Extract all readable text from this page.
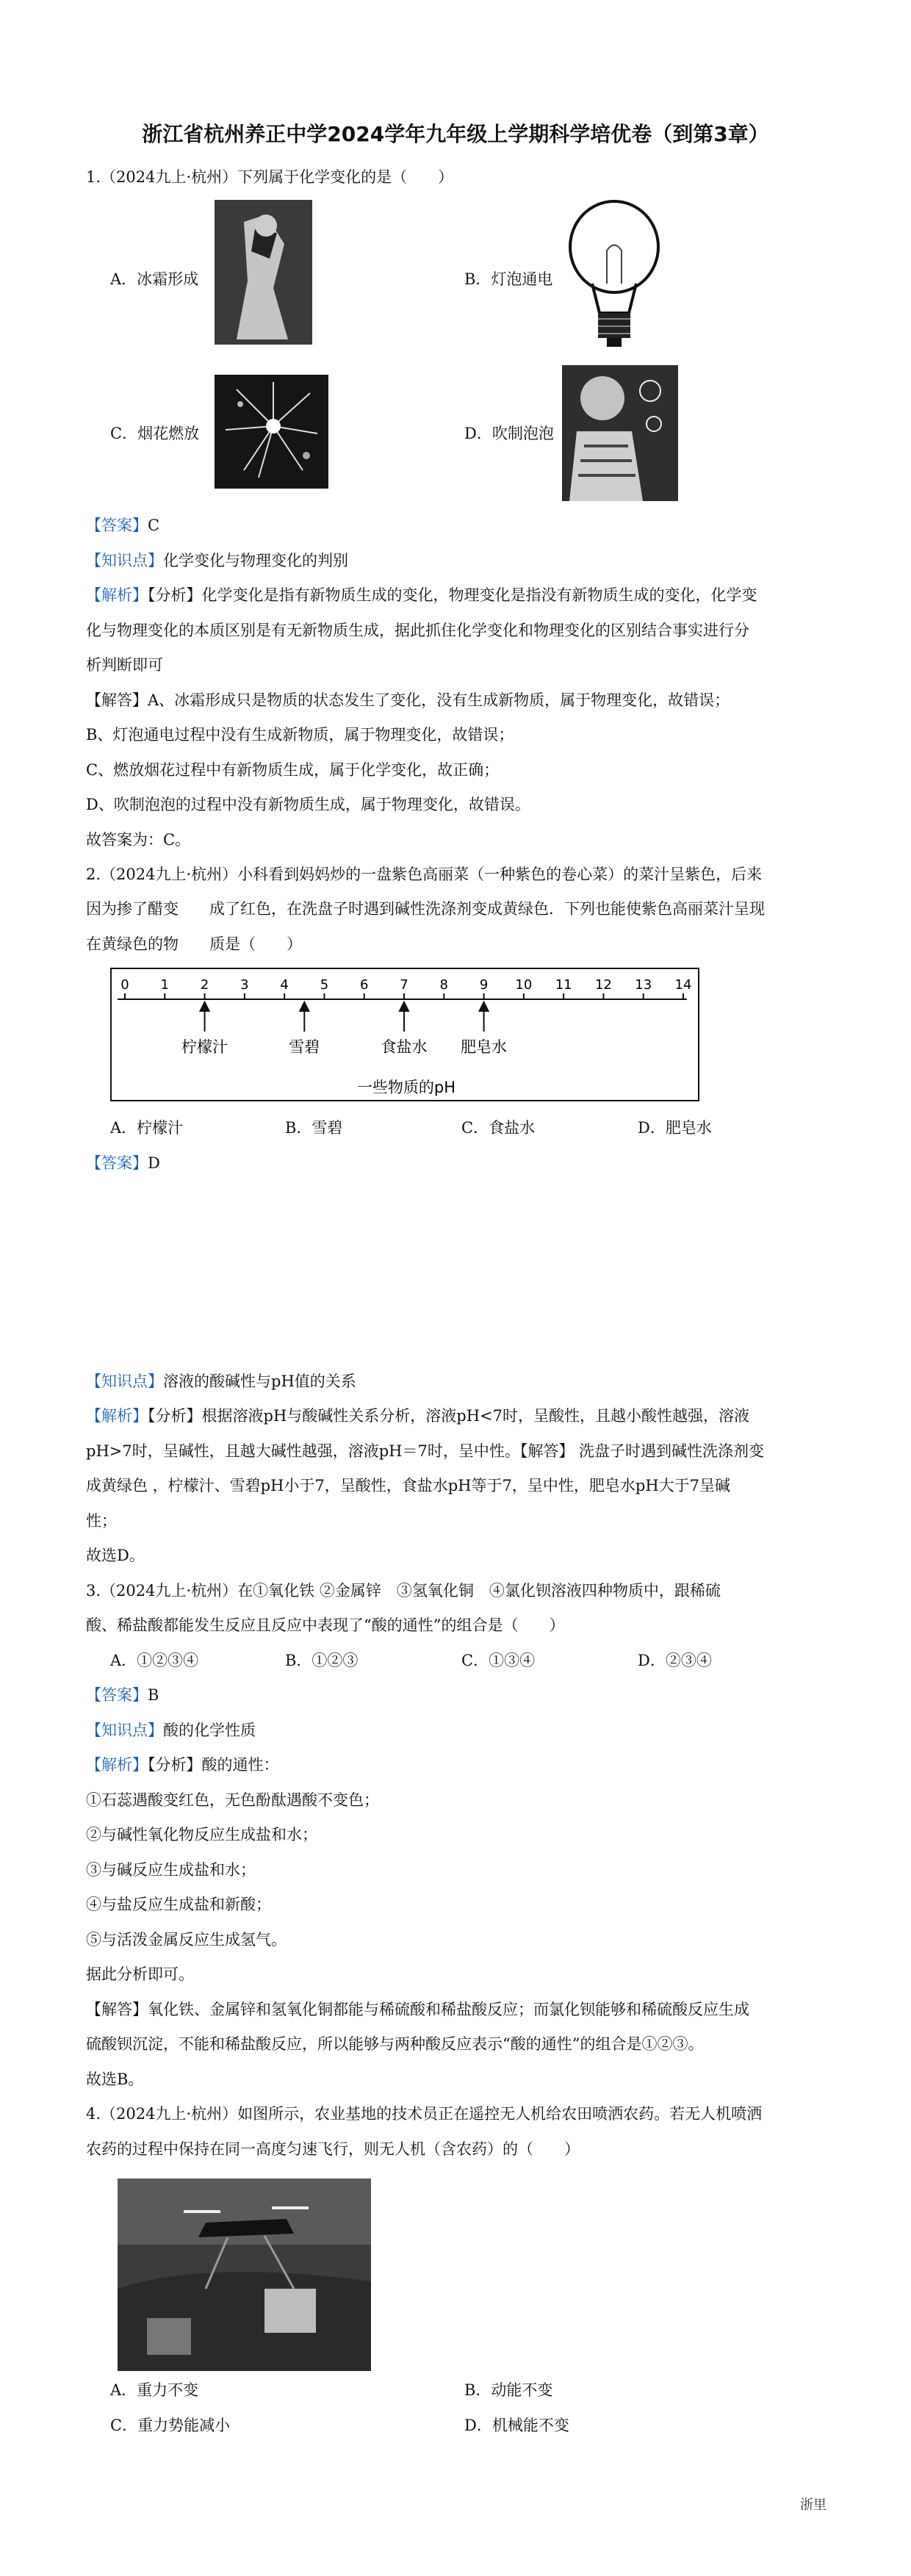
浙江省杭州养正中学2024学年九年级上学期科学培优卷（到第3章）
1.（2024九上·杭州）下列属于化学变化的是（　　）
A．冰霜形成	B．灯泡通电
C．烟花燃放	D．吹制泡泡
【答案】C
【知识点】化学变化与物理变化的判别
【解析】【分析】化学变化是指有新物质生成的变化，物理变化是指没有新物质生成的变化，化学变
化与物理变化的本质区别是有无新物质生成，据此抓住化学变化和物理变化的区别结合事实进行分
析判断即可
【解答】A、冰霜形成只是物质的状态发生了变化，没有生成新物质，属于物理变化，故错误；
B、灯泡通电过程中没有生成新物质，属于物理变化，故错误；
C、燃放烟花过程中有新物质生成，属于化学变化，故正确；
D、吹制泡泡的过程中没有新物质生成，属于物理变化，故错误。
故答案为：C。
2.（2024九上·杭州）小科看到妈妈炒的一盘紫色高丽菜（一种紫色的卷心菜）的菜汁呈紫色，后来
因为掺了醋变　　成了红色，在洗盘子时遇到碱性洗涤剂变成黄绿色．下列也能使紫色高丽菜汁呈现
在黄绿色的物　　质是（　　）
0 1 2 3 4 5 6 7 8 9 10 11 12 13 14
柠檬汁	雪碧	食盐水 肥皂水
一些物质的pH
A．柠檬汁	B．雪碧	C．食盐水	D．肥皂水
【答案】D
【知识点】溶液的酸碱性与pH值的关系
【解析】【分析】根据溶液pH与酸碱性关系分析，溶液pH<7时，呈酸性，且越小酸性越强，溶液
pH>7时，呈碱性，且越大碱性越强，溶液pH＝7时，呈中性。【解答】 洗盘子时遇到碱性洗涤剂变
成黄绿色 ，柠檬汁、雪碧pH小于7，呈酸性，食盐水pH等于7，呈中性，肥皂水pH大于7呈碱
性；
故选D。
3.（2024九上·杭州）在①氧化铁 ②金属锌　③氢氧化铜　④氯化钡溶液四种物质中，跟稀硫
酸、稀盐酸都能发生反应且反应中表现了“酸的通性”的组合是（　　）
A．①②③④	B．①②③	C．①③④	D．②③④
【答案】B
【知识点】酸的化学性质
【解析】【分析】酸的通性：
①石蕊遇酸变红色，无色酚酞遇酸不变色；
②与碱性氧化物反应生成盐和水；
③与碱反应生成盐和水；
④与盐反应生成盐和新酸；
⑤与活泼金属反应生成氢气。
据此分析即可。
【解答】氧化铁、金属锌和氢氧化铜都能与稀硫酸和稀盐酸反应；而氯化钡能够和稀硫酸反应生成
硫酸钡沉淀，不能和稀盐酸反应，所以能够与两种酸反应表示“酸的通性”的组合是①②③。
故选B。
4.（2024九上·杭州）如图所示，农业基地的技术员正在遥控无人机给农田喷洒农药。若无人机喷洒
农药的过程中保持在同一高度匀速飞行，则无人机（含农药）的（　　）
A．重力不变	B．动能不变
C．重力势能减小	D．机械能不变
浙里
